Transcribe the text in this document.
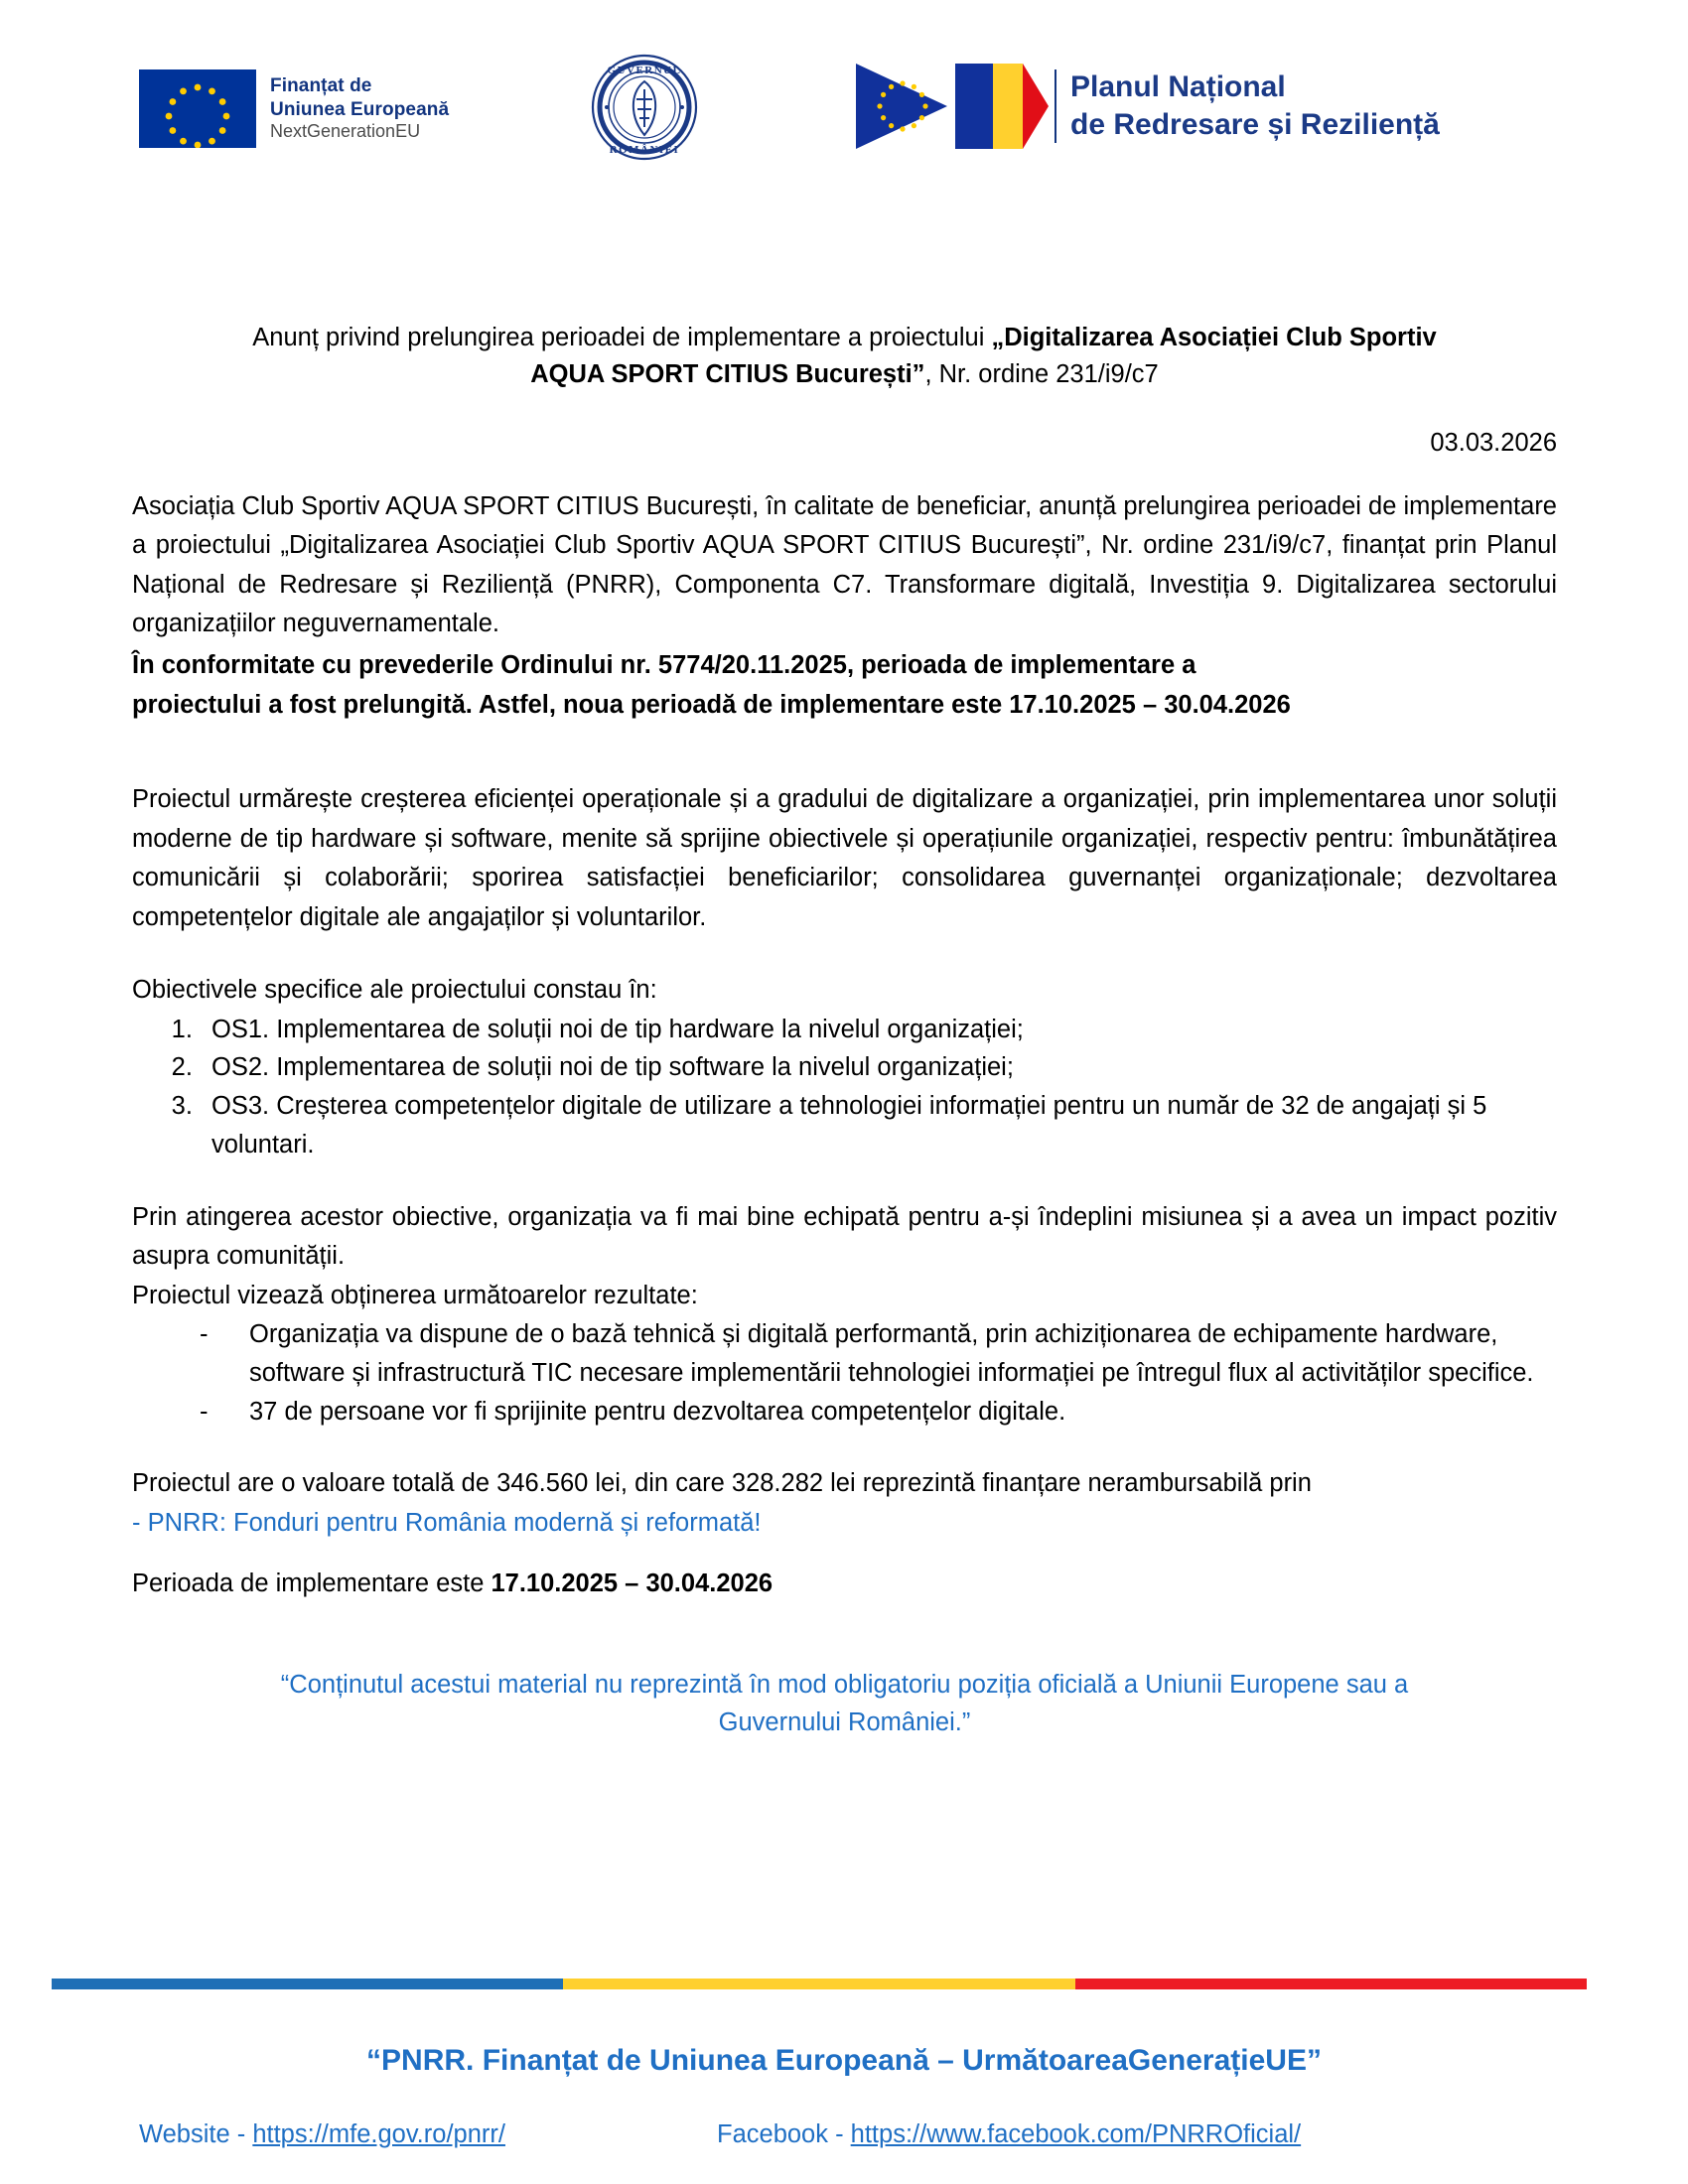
Finanțat de
Uniunea Europeană
NextGenerationEU
GUVERNUL
ROMÂNIEI
Planul Național
de Redresare și Reziliență
Anunț privind prelungirea perioadei de implementare a proiectului „Digitalizarea Asociației Club Sportiv
AQUA SPORT CITIUS București”, Nr. ordine 231/i9/c7
03.03.2026

Asociația Club Sportiv AQUA SPORT CITIUS București, în calitate de beneficiar, anunță prelungirea perioadei de implementare a proiectului „Digitalizarea Asociației Club Sportiv AQUA SPORT CITIUS București”, Nr. ordine 231/i9/c7, finanțat prin Planul Național de Redresare și Reziliență (PNRR), Componenta C7. Transformare digitală, Investiția 9. Digitalizarea sectorului organizațiilor neguvernamentale.

În conformitate cu prevederile Ordinului nr. 5774/20.11.2025, perioada de implementare a
proiectului a fost prelungită. Astfel, noua perioadă de implementare este 17.10.2025 – 30.04.2026

Proiectul urmărește creșterea eficienței operaționale și a gradului de digitalizare a organizației, prin implementarea unor soluții moderne de tip hardware și software, menite să sprijine obiectivele și operațiunile organizației, respectiv pentru: îmbunătățirea comunicării și colaborării; sporirea satisfacției beneficiarilor; consolidarea guvernanței organizaționale; dezvoltarea competențelor digitale ale angajaților și voluntarilor.

Obiectivele specifice ale proiectului constau în:

1. OS1. Implementarea de soluții noi de tip hardware la nivelul organizației;
2. OS2. Implementarea de soluții noi de tip software la nivelul organizației;
3. OS3. Creșterea competențelor digitale de utilizare a tehnologiei informației pentru un număr de 32 de angajați și 5 voluntari.

Prin atingerea acestor obiective, organizația va fi mai bine echipată pentru a-și îndeplini misiunea și a avea un impact pozitiv asupra comunității.

Proiectul vizează obținerea următoarelor rezultate:

- Organizația va dispune de o bază tehnică și digitală performantă, prin achiziționarea de echipamente hardware, software și infrastructură TIC necesare implementării tehnologiei informației pe întregul flux al activităților specifice.
- 37 de persoane vor fi sprijinite pentru dezvoltarea competențelor digitale.

Proiectul are o valoare totală de 346.560 lei, din care 328.282 lei reprezintă finanțare nerambursabilă prin

- PNRR: Fonduri pentru România modernă și reformată!

Perioada de implementare este 17.10.2025 – 30.04.2026

“Conținutul acestui material nu reprezintă în mod obligatoriu poziția oficială a Uniunii Europene sau a
Guvernului României.”
“PNRR. Finanțat de Uniunea Europeană – UrmătoareaGenerațieUE”
Website - https://mfe.gov.ro/pnrr/	Facebook - https://www.facebook.com/PNRROficial/
